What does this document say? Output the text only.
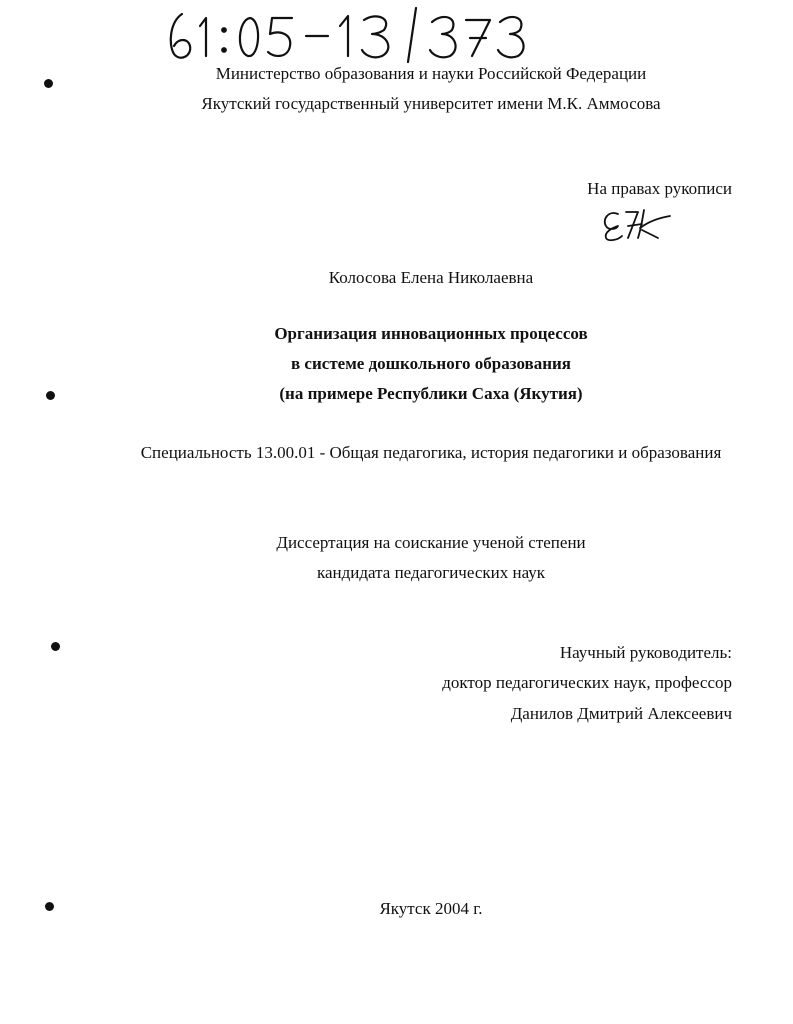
Министерство образования и науки Российской Федерации
Якутский государственный университет имени М.К. Аммосова
На правах рукописи
Колосова Елена Николаевна
Организация инновационных процессов
в системе дошкольного образования
(на примере Республики Саха (Якутия)
Специальность 13.00.01 - Общая педагогика, история педагогики и образования
Диссертация на соискание ученой степени
кандидата педагогических наук
Научный руководитель:
доктор педагогических наук, профессор
Данилов Дмитрий Алексеевич
Якутск 2004 г.
